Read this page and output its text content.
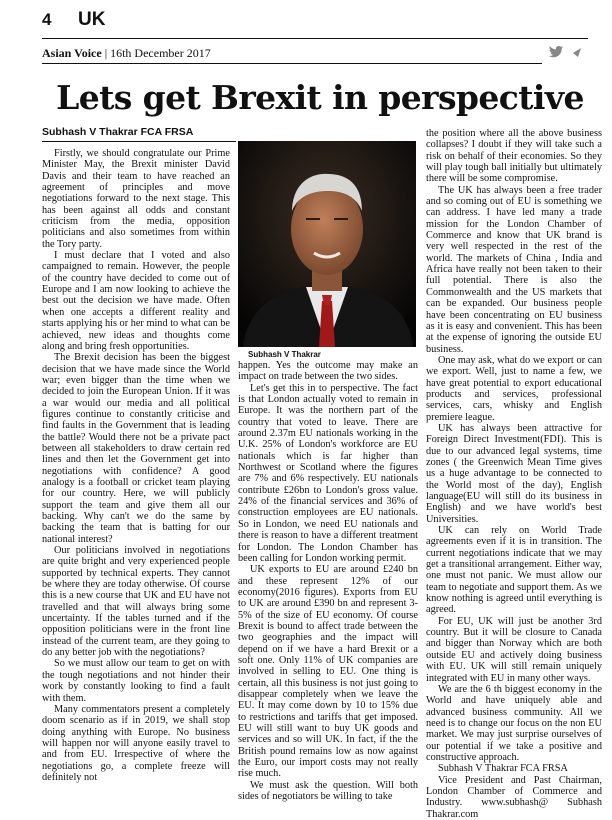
4 UK
Asian Voice | 16th December 2017
Lets get Brexit in perspective
Subhash V Thakrar FCA FRSA

Firstly, we should congratulate our Prime Minister May, the Brexit minister David Davis and their team to have reached an agreement of principles and move negotiations forward to the next stage. This has been against all odds and constant criticism from the media, opposition politicians and also sometimes from within the Tory party.

I must declare that I voted and also campaigned to remain. However, the people of the country have decided to come out of Europe and I am now looking to achieve the best out the decision we have made. Often when one accepts a different reality and starts applying his or her mind to what can be achieved, new ideas and thoughts come along and bring fresh opportunities.

The Brexit decision has been the biggest decision that we have made since the World war; even bigger than the time when we decided to join the European Union. If it was a war would our media and all political figures continue to constantly criticise and find faults in the Government that is leading the battle? Would there not be a private pact between all stakeholders to draw certain red lines and then let the Government get into negotiations with confidence? A good analogy is a football or cricket team playing for our country. Here, we will publicly support the team and give them all our backing. Why can't we do the same by backing the team that is batting for our national interest?

Our politicians involved in negotiations are quite bright and very experienced people supported by technical experts. They cannot be where they are today otherwise. Of course this is a new course that UK and EU have not travelled and that will always bring some uncertainty. If the tables turned and if the opposition politicians were in the front line instead of the current team, are they going to do any better job with the negotiations?

So we must allow our team to get on with the tough negotiations and not hinder their work by constantly looking to find a fault with them.

Many commentators present a completely doom scenario as if in 2019, we shall stop doing anything with Europe. No business will happen nor will anyone easily travel to and from EU. Irrespective of where the negotiations go, a complete freeze will definitely not

Subhash V Thakrar

happen. Yes the outcome may make an impact on trade between the two sides.

Let's get this in to perspective. The fact is that London actually voted to remain in Europe. It was the northern part of the country that voted to leave. There are around 2.37m EU nationals working in the U.K. 25% of London's workforce are EU nationals which is far higher than Northwest or Scotland where the figures are 7% and 6% respectively. EU nationals contribute £26bn to London's gross value. 24% of the financial services and 36% of construction employees are EU nationals. So in London, we need EU nationals and there is reason to have a different treatment for London. The London Chamber has been calling for London working permit.

UK exports to EU are around £240 bn and these represent 12% of our economy(2016 figures). Exports from EU to UK are around £390 bn and represent 3-5% of the size of EU economy. Of course Brexit is bound to affect trade between the two geographies and the impact will depend on if we have a hard Brexit or a soft one. Only 11% of UK companies are involved in selling to EU. One thing is certain, all this business is not just going to disappear completely when we leave the EU. It may come down by 10 to 15% due to restrictions and tariffs that get imposed. EU will still want to buy UK goods and services and so will UK. In fact, if the the British pound remains low as now against the Euro, our import costs may not really rise much.

We must ask the question. Will both sides of negotiators be willing to take

the position where all the above business collapses? I doubt if they will take such a risk on behalf of their economies. So they will play tough ball initially but ultimately there will be some compromise.

The UK has always been a free trader and so coming out of EU is something we can address. I have led many a trade mission for the London Chamber of Commerce and know that UK brand is very well respected in the rest of the world. The markets of China , India and Africa have really not been taken to their full potential. There is also the Commonwealth and the US markets that can be expanded. Our business people have been concentrating on EU business as it is easy and convenient. This has been at the expense of ignoring the outside EU business.

One may ask, what do we export or can we export. Well, just to name a few, we have great potential to export educational products and services, professional services, cars, whisky and English premiere league.

UK has always been attractive for Foreign Direct Investment(FDI). This is due to our advanced legal systems, time zones ( the Greenwich Mean Time gives us a huge advantage to be connected to the World most of the day), English language(EU will still do its business in English) and we have world's best Universities.

UK can rely on World Trade agreements even if it is in transition. The current negotiations indicate that we may get a transitional arrangement. Either way, one must not panic. We must allow our team to negotiate and support them. As we know nothing is agreed until everything is agreed.

For EU, UK will just be another 3rd country. But it will be closure to Canada and bigger than Norway which are both outside EU and actively doing business with EU. UK will still remain uniquely integrated with EU in many other ways.

We are the 6 th biggest economy in the World and have uniquely able and advanced business community. All we need is to change our focus on the non EU market. We may just surprise ourselves of our potential if we take a positive and constructive approach.

Subhash V Thakrar FCA FRSA

Vice President and Past Chairman, London Chamber of Commerce and Industry. www.subhash@ Subhash Thakrar.com
